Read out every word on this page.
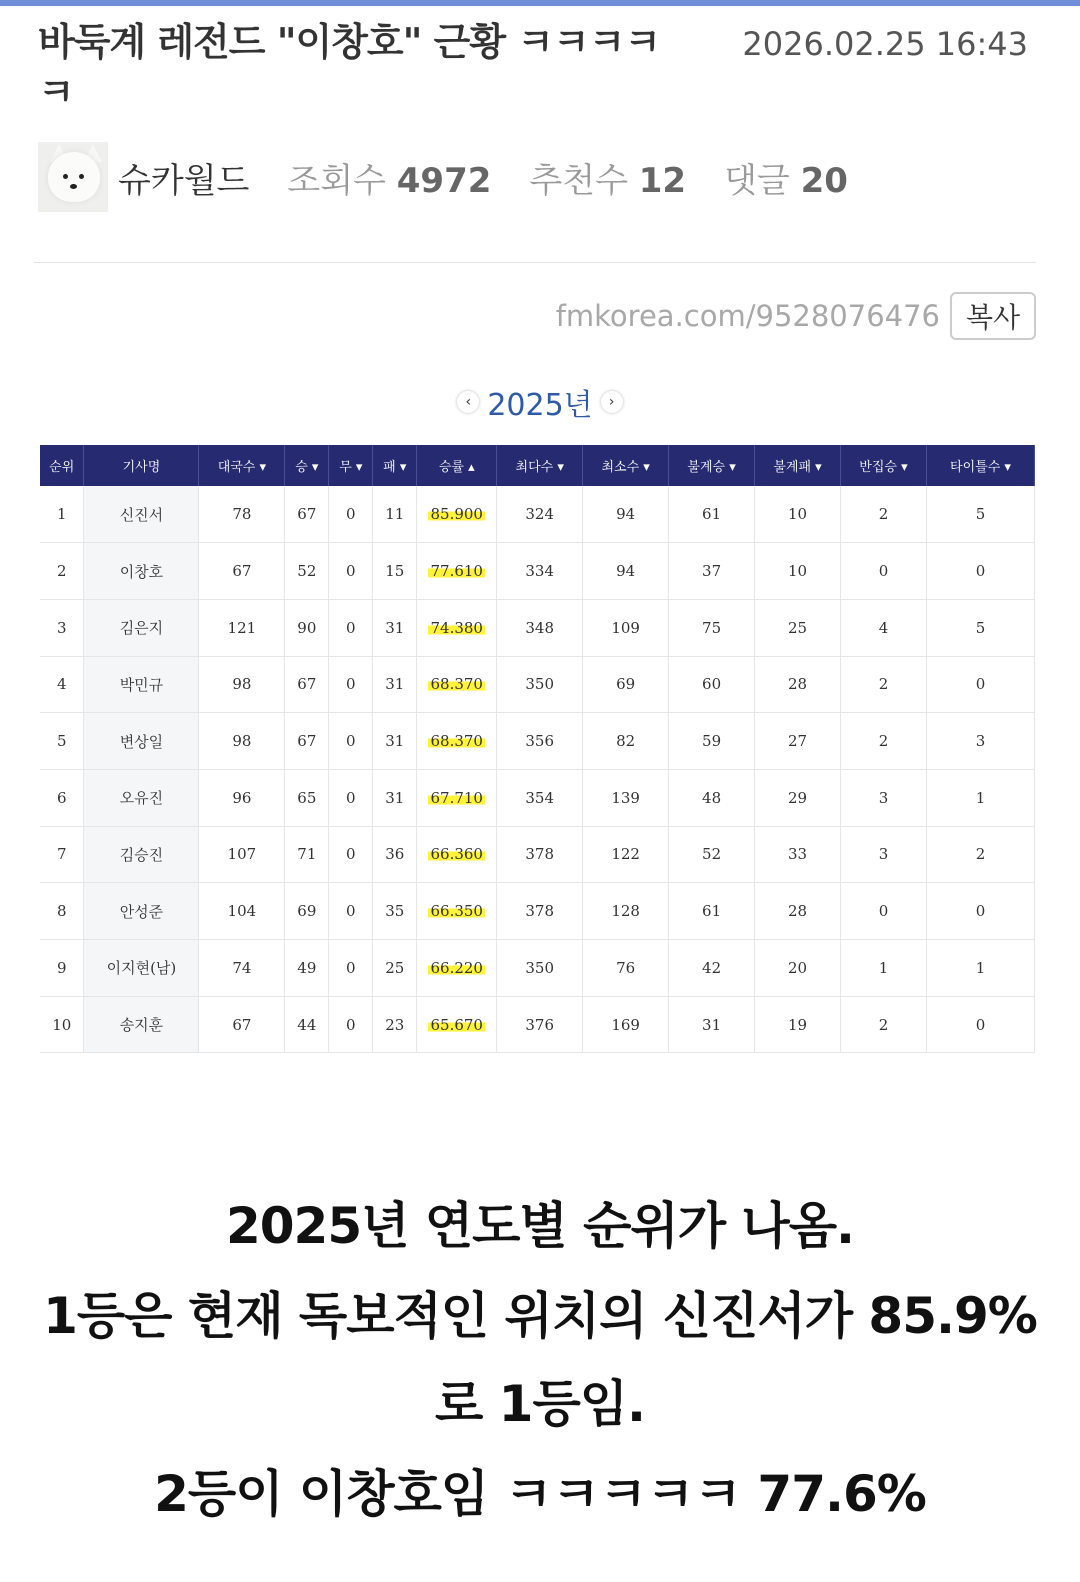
바둑계 레전드 "이창호" 근황 ㅋㅋㅋㅋ	2026.02.25 16:43
ㅋ
슈카월드 조회수 4972 추천수 12 댓글 20
fmkorea.com/9528076476 복사
‹ 2025년	›
순위	기사명	대국수 ▾	승 ▾	무 ▾	패 ▾	승률 ▴	최다수 ▾	최소수 ▾	불계승 ▾	불계패 ▾	반집승 ▾	타이틀수 ▾
1	신진서	78	67	0	11	85.900	324	94	61	10	2	5
2	이창호	67	52	0	15	77.610	334	94	37	10	0	0
3	김은지	121	90	0	31	74.380	348	109	75	25	4	5
4	박민규	98	67	0	31	68.370	350	69	60	28	2	0
5	변상일	98	67	0	31	68.370	356	82	59	27	2	3
6	오유진	96	65	0	31	67.710	354	139	48	29	3	1
7	김승진	107	71	0	36	66.360	378	122	52	33	3	2
8	안성준	104	69	0	35	66.350	378	128	61	28	0	0
9	이지현(남)	74	49	0	25	66.220	350	76	42	20	1	1
10	송지훈	67	44	0	23	65.670	376	169	31	19	2	0
2025년 연도별 순위가 나옴.
1등은 현재 독보적인 위치의 신진서가 85.9%
로 1등임.
2등이 이창호임 ㅋㅋㅋㅋㅋ 77.6%
